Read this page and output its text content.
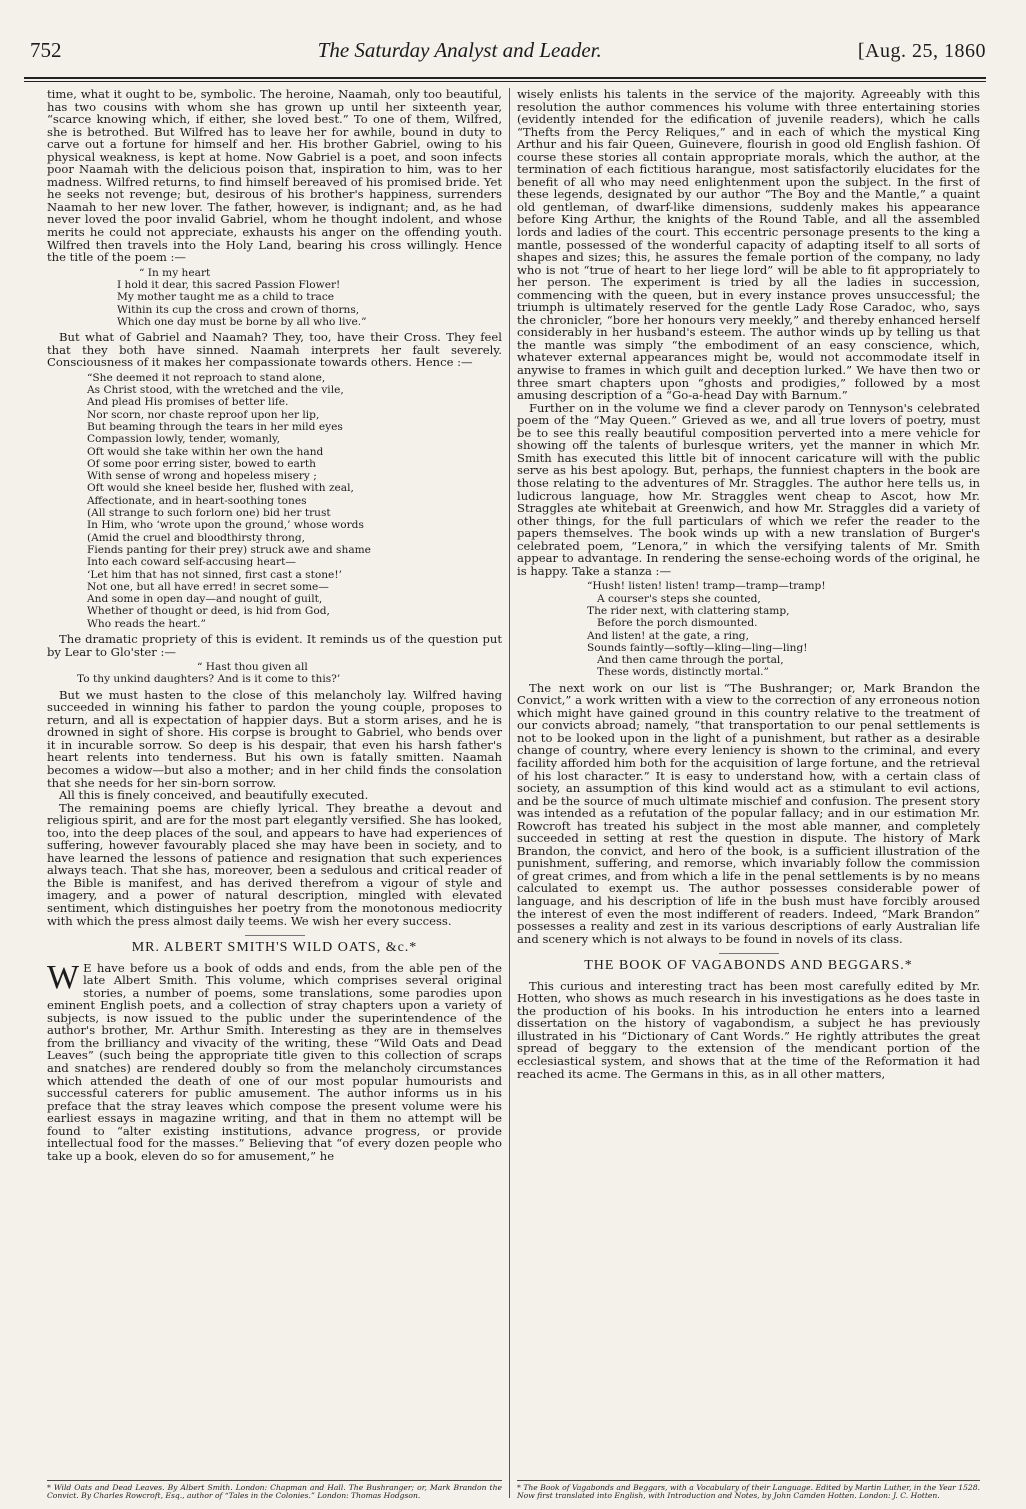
752	The Saturday Analyst and Leader.	[Aug. 25, 1860

time, what it ought to be, symbolic. The heroine, Naamah, only too beautiful, has two cousins with whom she has grown up until her sixteenth year, “scarce knowing which, if either, she loved best.” To one of them, Wilfred, she is betrothed. But Wilfred has to leave her for awhile, bound in duty to carve out a fortune for himself and her. His brother Gabriel, owing to his physical weakness, is kept at home. Now Gabriel is a poet, and soon infects poor Naamah with the delicious poison that, inspiration to him, was to her madness. Wilfred returns, to find himself bereaved of his promised bride. Yet he seeks not revenge; but, desirous of his brother's happiness, surrenders Naamah to her new lover. The father, however, is indignant; and, as he had never loved the poor invalid Gabriel, whom he thought indolent, and whose merits he could not appreciate, exhausts his anger on the offending youth. Wilfred then travels into the Holy Land, bearing his cross willingly. Hence the title of the poem :—

“ In my heart
I hold it dear, this sacred Passion Flower!
My mother taught me as a child to trace
Within its cup the cross and crown of thorns,
Which one day must be borne by all who live.”

But what of Gabriel and Naamah? They, too, have their Cross. They feel that they both have sinned. Naamah interprets her fault severely. Consciousness of it makes her compassionate towards others. Hence :—

“She deemed it not reproach to stand alone,
As Christ stood, with the wretched and the vile,
And plead His promises of better life.
Nor scorn, nor chaste reproof upon her lip,
But beaming through the tears in her mild eyes
Compassion lowly, tender, womanly,
Oft would she take within her own the hand
Of some poor erring sister, bowed to earth
With sense of wrong and hopeless misery ;
Oft would she kneel beside her, flushed with zeal,
Affectionate, and in heart-soothing tones
(All strange to such forlorn one) bid her trust
In Him, who ‘wrote upon the ground,’ whose words
(Amid the cruel and bloodthirsty throng,
Fiends panting for their prey) struck awe and shame
Into each coward self-accusing heart—
‘Let him that has not sinned, first cast a stone!’
Not one, but all have erred! in secret some—
And some in open day—and nought of guilt,
Whether of thought or deed, is hid from God,
Who reads the heart.”

The dramatic propriety of this is evident. It reminds us of the question put by Lear to Glo'ster :—

“ Hast thou given all
To thy unkind daughters? And is it come to this?’

But we must hasten to the close of this melancholy lay. Wilfred having succeeded in winning his father to pardon the young couple, proposes to return, and all is expectation of happier days. But a storm arises, and he is drowned in sight of shore. His corpse is brought to Gabriel, who bends over it in incurable sorrow. So deep is his despair, that even his harsh father's heart relents into tenderness. But his own is fatally smitten. Naamah becomes a widow—but also a mother; and in her child finds the consolation that she needs for her sin-born sorrow.

All this is finely conceived, and beautifully executed.

The remaining poems are chiefly lyrical. They breathe a devout and religious spirit, and are for the most part elegantly versified. She has looked, too, into the deep places of the soul, and appears to have had experiences of suffering, however favourably placed she may have been in society, and to have learned the lessons of patience and resignation that such experiences always teach. That she has, moreover, been a sedulous and critical reader of the Bible is manifest, and has derived therefrom a vigour of style and imagery, and a power of natural description, mingled with elevated sentiment, which distinguishes her poetry from the monotonous mediocrity with which the press almost daily teems. We wish her every success.

MR. ALBERT SMITH'S WILD OATS, &c.*

W E have before us a book of odds and ends, from the able pen of the late Albert Smith. This volume, which comprises several original stories, a number of poems, some translations, some parodies upon eminent English poets, and a collection of stray chapters upon a variety of subjects, is now issued to the public under the superintendence of the author's brother, Mr. Arthur Smith. Interesting as they are in themselves from the brilliancy and vivacity of the writing, these “Wild Oats and Dead Leaves” (such being the appropriate title given to this collection of scraps and snatches) are rendered doubly so from the melancholy circumstances which attended the death of one of our most popular humourists and successful caterers for public amusement. The author informs us in his preface that the stray leaves which compose the present volume were his earliest essays in magazine writing, and that in them no attempt will be found to “alter existing institutions, advance progress, or provide intellectual food for the masses.” Believing that “of every dozen people who take up a book, eleven do so for amusement,” he

wisely enlists his talents in the service of the majority. Agreeably with this resolution the author commences his volume with three entertaining stories (evidently intended for the edification of juvenile readers), which he calls “Thefts from the Percy Reliques,” and in each of which the mystical King Arthur and his fair Queen, Guinevere, flourish in good old English fashion. Of course these stories all contain appropriate morals, which the author, at the termination of each fictitious harangue, most satisfactorily elucidates for the benefit of all who may need enlightenment upon the subject. In the first of these legends, designated by our author “The Boy and the Mantle,” a quaint old gentleman, of dwarf-like dimensions, suddenly makes his appearance before King Arthur, the knights of the Round Table, and all the assembled lords and ladies of the court. This eccentric personage presents to the king a mantle, possessed of the wonderful capacity of adapting itself to all sorts of shapes and sizes; this, he assures the female portion of the company, no lady who is not “true of heart to her liege lord” will be able to fit appropriately to her person. The experiment is tried by all the ladies in succession, commencing with the queen, but in every instance proves unsuccessful; the triumph is ultimately reserved for the gentle Lady Rose Caradoc, who, says the chronicler, “bore her honours very meekly,” and thereby enhanced herself considerably in her husband's esteem. The author winds up by telling us that the mantle was simply “the embodiment of an easy conscience, which, whatever external appearances might be, would not accommodate itself in anywise to frames in which guilt and deception lurked.” We have then two or three smart chapters upon “ghosts and prodigies,” followed by a most amusing description of a “Go-a-head Day with Barnum.”

Further on in the volume we find a clever parody on Tennyson's celebrated poem of the “May Queen.” Grieved as we, and all true lovers of poetry, must be to see this really beautiful composition perverted into a mere vehicle for showing off the talents of burlesque writers, yet the manner in which Mr. Smith has executed this little bit of innocent caricature will with the public serve as his best apology. But, perhaps, the funniest chapters in the book are those relating to the adventures of Mr. Straggles. The author here tells us, in ludicrous language, how Mr. Straggles went cheap to Ascot, how Mr. Straggles ate whitebait at Greenwich, and how Mr. Straggles did a variety of other things, for the full particulars of which we refer the reader to the papers themselves. The book winds up with a new translation of Burger's celebrated poem, “Lenora,” in which the versifying talents of Mr. Smith appear to advantage. In rendering the sense-echoing words of the original, he is happy. Take a stanza :—

“Hush! listen! listen! tramp—tramp—tramp!
A courser's steps she counted,
The rider next, with clattering stamp,
Before the porch dismounted.
And listen! at the gate, a ring,
Sounds faintly—softly—kling—ling—ling!
And then came through the portal,
These words, distinctly mortal.”

The next work on our list is “The Bushranger; or, Mark Brandon the Convict,” a work written with a view to the correction of any erroneous notion which might have gained ground in this country relative to the treatment of our convicts abroad; namely, “that transportation to our penal settlements is not to be looked upon in the light of a punishment, but rather as a desirable change of country, where every leniency is shown to the criminal, and every facility afforded him both for the acquisition of large fortune, and the retrieval of his lost character.” It is easy to understand how, with a certain class of society, an assumption of this kind would act as a stimulant to evil actions, and be the source of much ultimate mischief and confusion. The present story was intended as a refutation of the popular fallacy; and in our estimation Mr. Rowcroft has treated his subject in the most able manner, and completely succeeded in setting at rest the question in dispute. The history of Mark Brandon, the convict, and hero of the book, is a sufficient illustration of the punishment, suffering, and remorse, which invariably follow the commission of great crimes, and from which a life in the penal settlements is by no means calculated to exempt us. The author possesses considerable power of language, and his description of life in the bush must have forcibly aroused the interest of even the most indifferent of readers. Indeed, “Mark Brandon” possesses a reality and zest in its various descriptions of early Australian life and scenery which is not always to be found in novels of its class.

THE BOOK OF VAGABONDS AND BEGGARS.*

This curious and interesting tract has been most carefully edited by Mr. Hotten, who shows as much research in his investigations as he does taste in the production of his books. In his introduction he enters into a learned dissertation on the history of vagabondism, a subject he has previously illustrated in his “Dictionary of Cant Words.” He rightly attributes the great spread of beggary to the extension of the mendicant portion of the ecclesiastical system, and shows that at the time of the Reformation it had reached its acme. The Germans in this, as in all other matters,

* Wild Oats and Dead Leaves. By Albert Smith. London: Chapman and Hall. The Bushranger; or, Mark Brandon the Convict. By Charles Rowcroft, Esq., author of “Tales in the Colonies.” London: Thomas Hodgson.
* The Book of Vagabonds and Beggars, with a Vocabulary of their Language. Edited by Martin Luther, in the Year 1528. Now first translated into English, with Introduction and Notes, by John Camden Hotten. London: J. C. Hotten.
